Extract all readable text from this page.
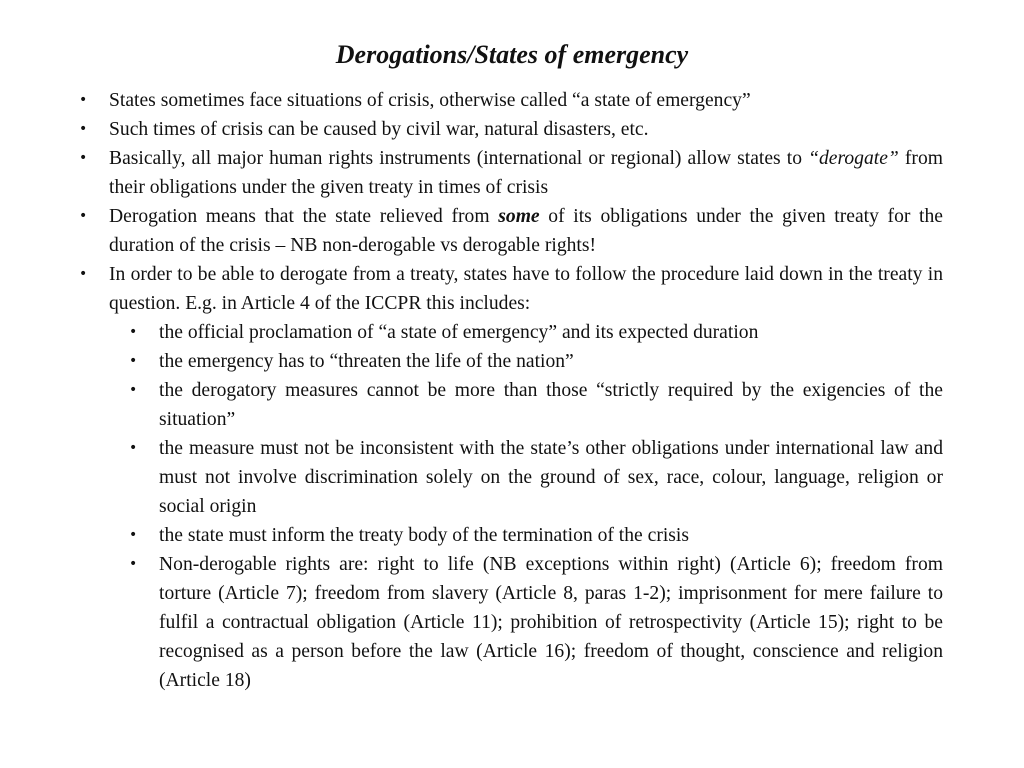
Derogations/States of emergency
• States sometimes face situations of crisis, otherwise called “a state of emergency”
• Such times of crisis can be caused by civil war, natural disasters, etc.
• Basically, all major human rights instruments (international or regional) allow states to “derogate” from their obligations under the given treaty in times of crisis
• Derogation means that the state relieved from some of its obligations under the given treaty for the duration of the crisis – NB non-derogable vs derogable rights!
• In order to be able to derogate from a treaty, states have to follow the procedure laid down in the treaty in question. E.g. in Article 4 of the ICCPR this includes:
• the official proclamation of “a state of emergency” and its expected duration
• the emergency has to “threaten the life of the nation”
• the derogatory measures cannot be more than those “strictly required by the exigencies of the situation”
• the measure must not be inconsistent with the state’s other obligations under international law and must not involve discrimination solely on the ground of sex, race, colour, language, religion or social origin
• the state must inform the treaty body of the termination of the crisis
• Non-derogable rights are: right to life (NB exceptions within right) (Article 6); freedom from torture (Article 7); freedom from slavery (Article 8, paras 1-2); imprisonment for mere failure to fulfil a contractual obligation (Article 11); prohibition of retrospectivity (Article 15); right to be recognised as a person before the law (Article 16); freedom of thought, conscience and religion (Article 18)
